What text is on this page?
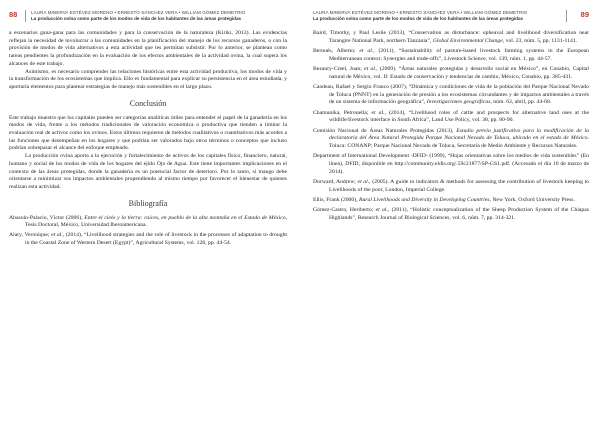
88	LAURA MINERVA ESTÉVEZ MORENO • ERNESTO SÁNCHEZ VERA • WILLIAM GÓMEZ DEMETRIO
La producción ovina como parte de los modos de vida de los habitantes de las áreas protegidas

a escenarios gana-gana para las comunidades y para la conservación de la naturaleza (Kiriki, 2013). Las evidencias reflejan la necesidad de involucrar a las comunidades en la planificación del manejo de los recursos ganaderos, o con la provisión de modos de vida alternativos a esta actividad que les permitan subsistir. Por lo anterior, se plantean como tareas pendientes la profundización en la evaluación de los efectos ambientales de la actividad ovina, la cual supera los alcances de este trabajo.

Asimismo, es necesario comprender las relaciones históricas entre esta actividad productiva, los modos de vida y la transformación de los ecosistemas que implica. Ello es fundamental para explicar su persistencia en el área estudiada, y aportaría elementos para plantear estrategias de manejo más sostenibles en el largo plazo.

Conclusión

Este trabajo muestra que los capitales pueden ser categorías analíticas útiles para entender el papel de la ganadería en los modos de vida, frente a los métodos tradicionales de valoración económica o productiva que tienden a limitar la evaluación real de activos como los ovinos. Estos últimos requieren de métodos cualitativos o cuantitativos más acordes a las funciones que desempeñan en los hogares y que podrían ser valorados bajo otros términos o conceptos que incluso podrían sobrepasar el alcance del enfoque empleado.

La producción ovina aporta a la ejecución y fortalecimiento de activos de los capitales físico, financiero, natural, humano y social de los modos de vida de los hogares del ejido Ojo de Agua. Este tiene importantes implicaciones en el contexto de las áreas protegidas, donde la ganadería es un potencial factor de deterioro. Por lo tanto, si mango debe orientarse a minimizar sus impactos ambientales propendiendo al mismo tiempo por favorecer el bienestar de quienes realizan esta actividad.

Bibliografía

Abasolo-Palacio, Víctor (2006), Entre el cielo y la tierra: raíces, en pueblo de la alta montaña en el Estado de México, Tesis Doctoral, México, Universidad Iberoamericana.

Alary, Veronique; et al., (2014), “Livelihood strategies and the role of livestock in the processes of adaptation to drought in the Coastal Zone of Western Desert (Egypt)”, Agricultural Systems, vol. 128, pp. 44-54.

LAURA MINERVA ESTÉVEZ MORENO • ERNESTO SÁNCHEZ VERA • WILLIAM GÓMEZ DEMETRIO
La producción ovina como parte de los modos de vida de los habitantes de las áreas protegidas	89

Baird, Timothy, y Paul Leslie (2013), “Conservation as disturbance: upheaval and livelihood diversification near Tarangire National Park, northern Tanzania”, Global Environmental Change, vol. 23, núm. 5, pp. 1131-1141.

Bernués, Alberto; et al., (2011), “Sustainability of pasture-based livestock farming systems in the European Mediterranean context: Synergies and trade-offs”, Livestock Science, vol. 139, núm. 1, pp. 44-57.

Bezaury-Creel, Juan; et al., (2009). “Áreas naturales protegidas y desarrollo social en México”, en Conabio, Capital natural de México, vol. II: Estado de conservación y tendencias de cambio, México, Conabio, pp. 385-431.

Candeau, Rafael y Sergio Franco (2007), “Dinámica y condiciones de vida de la población del Parque Nacional Nevado de Toluca (PNNT) en la generación de presión a los ecosistemas circundantes y de impactos ambientales a través de un sistema de información geográfica”, Investigaciones geográficas, núm. 62, abril, pp. 44-68.

Chamunika, Petronella; et al., (2014), “Livelihood roles of cattle and prospects for alternative land uses at the wildlife/livestock interface in South Africa”, Land Use Policy, vol. 38, pp. 80-90.

Comisión Nacional de Áreas Naturales Protegidas (2013), Estudio previo justificativo para la modificación de la declaratoria del Área Natural Protegida Parque Nacional Nevado de Toluca, ubicado en el estado de México. Toluca: CONANP; Parque Nacional Nevado de Toluca, Secretaría de Medio Ambiente y Recursos Naturales.

Department of International Development -DFID- (1999), “Hojas orientativas sobre los medios de vida sostenibles” (En línea), DFID, disponible en http://community.eldis.org/.59c21877/SP-GS1.pdf. (Accesado el día 10 de marzo de 2014).

Dorward, Andrew; et al., (2005). A guide to indicators & methods for assessing the contribution of livestock keeping to Livelihoods of the poor, London, Imperial College.

Ellis, Frank (2000), Rural Livelihoods and Diversity in Developing Countries, New York, Oxford University Press.

Gómez-Castro, Heriberto; et al., (2011), “Holistic conceptualization of the Sheep Production System of the Chiapas Highlands”, Research Journal of Biological Sciences, vol. 6, núm. 7, pp. 314-321.
